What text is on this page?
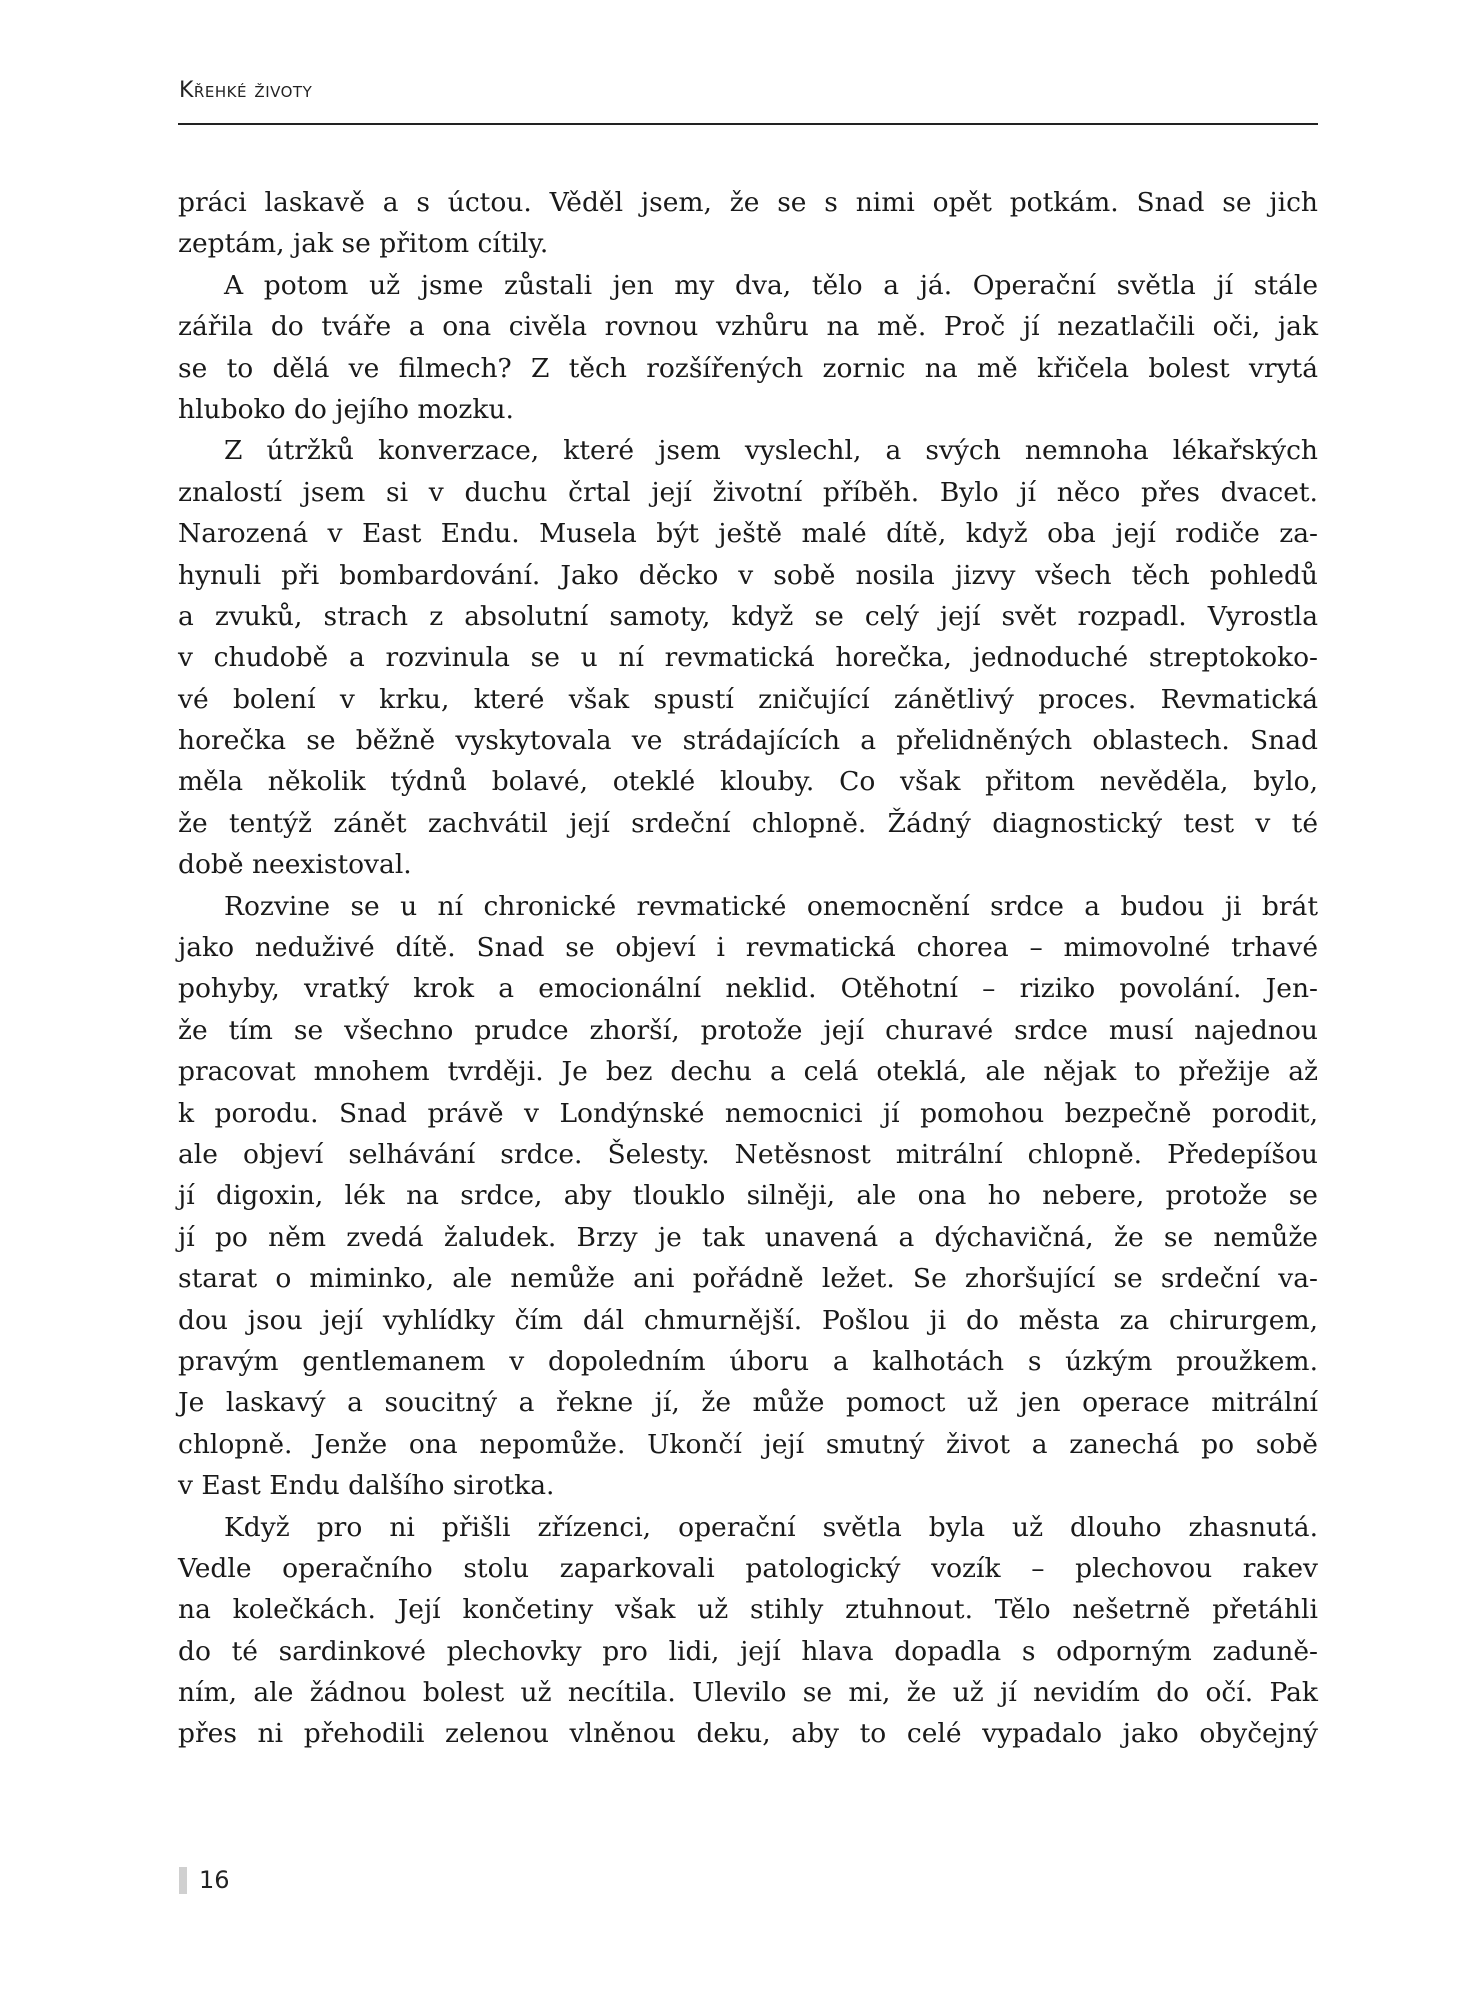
Křehké životy
práci laskavě a s úctou. Věděl jsem, že se s nimi opět potkám. Snad se jich
zeptám, jak se přitom cítily.
A potom už jsme zůstali jen my dva, tělo a já. Operační světla jí stále
zářila do tváře a ona civěla rovnou vzhůru na mě. Proč jí nezatlačili oči, jak
se to dělá ve filmech? Z těch rozšířených zornic na mě křičela bolest vrytá
hluboko do jejího mozku.
Z útržků konverzace, které jsem vyslechl, a svých nemnoha lékařských
znalostí jsem si v duchu črtal její životní příběh. Bylo jí něco přes dvacet.
Narozená v East Endu. Musela být ještě malé dítě, když oba její rodiče za-
hynuli při bombardování. Jako děcko v sobě nosila jizvy všech těch pohledů
a zvuků, strach z absolutní samoty, když se celý její svět rozpadl. Vyrostla
v chudobě a rozvinula se u ní revmatická horečka, jednoduché streptokoko-
vé bolení v krku, které však spustí zničující zánětlivý proces. Revmatická
horečka se běžně vyskytovala ve strádajících a přelidněných oblastech. Snad
měla několik týdnů bolavé, oteklé klouby. Co však přitom nevěděla, bylo,
že tentýž zánět zachvátil její srdeční chlopně. Žádný diagnostický test v té
době neexistoval.
Rozvine se u ní chronické revmatické onemocnění srdce a budou ji brát
jako neduživé dítě. Snad se objeví i revmatická chorea – mimovolné trhavé
pohyby, vratký krok a emocionální neklid. Otěhotní – riziko povolání. Jen-
že tím se všechno prudce zhorší, protože její churavé srdce musí najednou
pracovat mnohem tvrději. Je bez dechu a celá oteklá, ale nějak to přežije až
k porodu. Snad právě v Londýnské nemocnici jí pomohou bezpečně porodit,
ale objeví selhávání srdce. Šelesty. Netěsnost mitrální chlopně. Předepíšou
jí digoxin, lék na srdce, aby tlouklo silněji, ale ona ho nebere, protože se
jí po něm zvedá žaludek. Brzy je tak unavená a dýchavičná, že se nemůže
starat o miminko, ale nemůže ani pořádně ležet. Se zhoršující se srdeční va-
dou jsou její vyhlídky čím dál chmurnější. Pošlou ji do města za chirurgem,
pravým gentlemanem v dopoledním úboru a kalhotách s úzkým proužkem.
Je laskavý a soucitný a řekne jí, že může pomoct už jen operace mitrální
chlopně. Jenže ona nepomůže. Ukončí její smutný život a zanechá po sobě
v East Endu dalšího sirotka.
Když pro ni přišli zřízenci, operační světla byla už dlouho zhasnutá.
Vedle operačního stolu zaparkovali patologický vozík – plechovou rakev
na kolečkách. Její končetiny však už stihly ztuhnout. Tělo nešetrně přetáhli
do té sardinkové plechovky pro lidi, její hlava dopadla s odporným zaduně-
ním, ale žádnou bolest už necítila. Ulevilo se mi, že už jí nevidím do očí. Pak
přes ni přehodili zelenou vlněnou deku, aby to celé vypadalo jako obyčejný
16
